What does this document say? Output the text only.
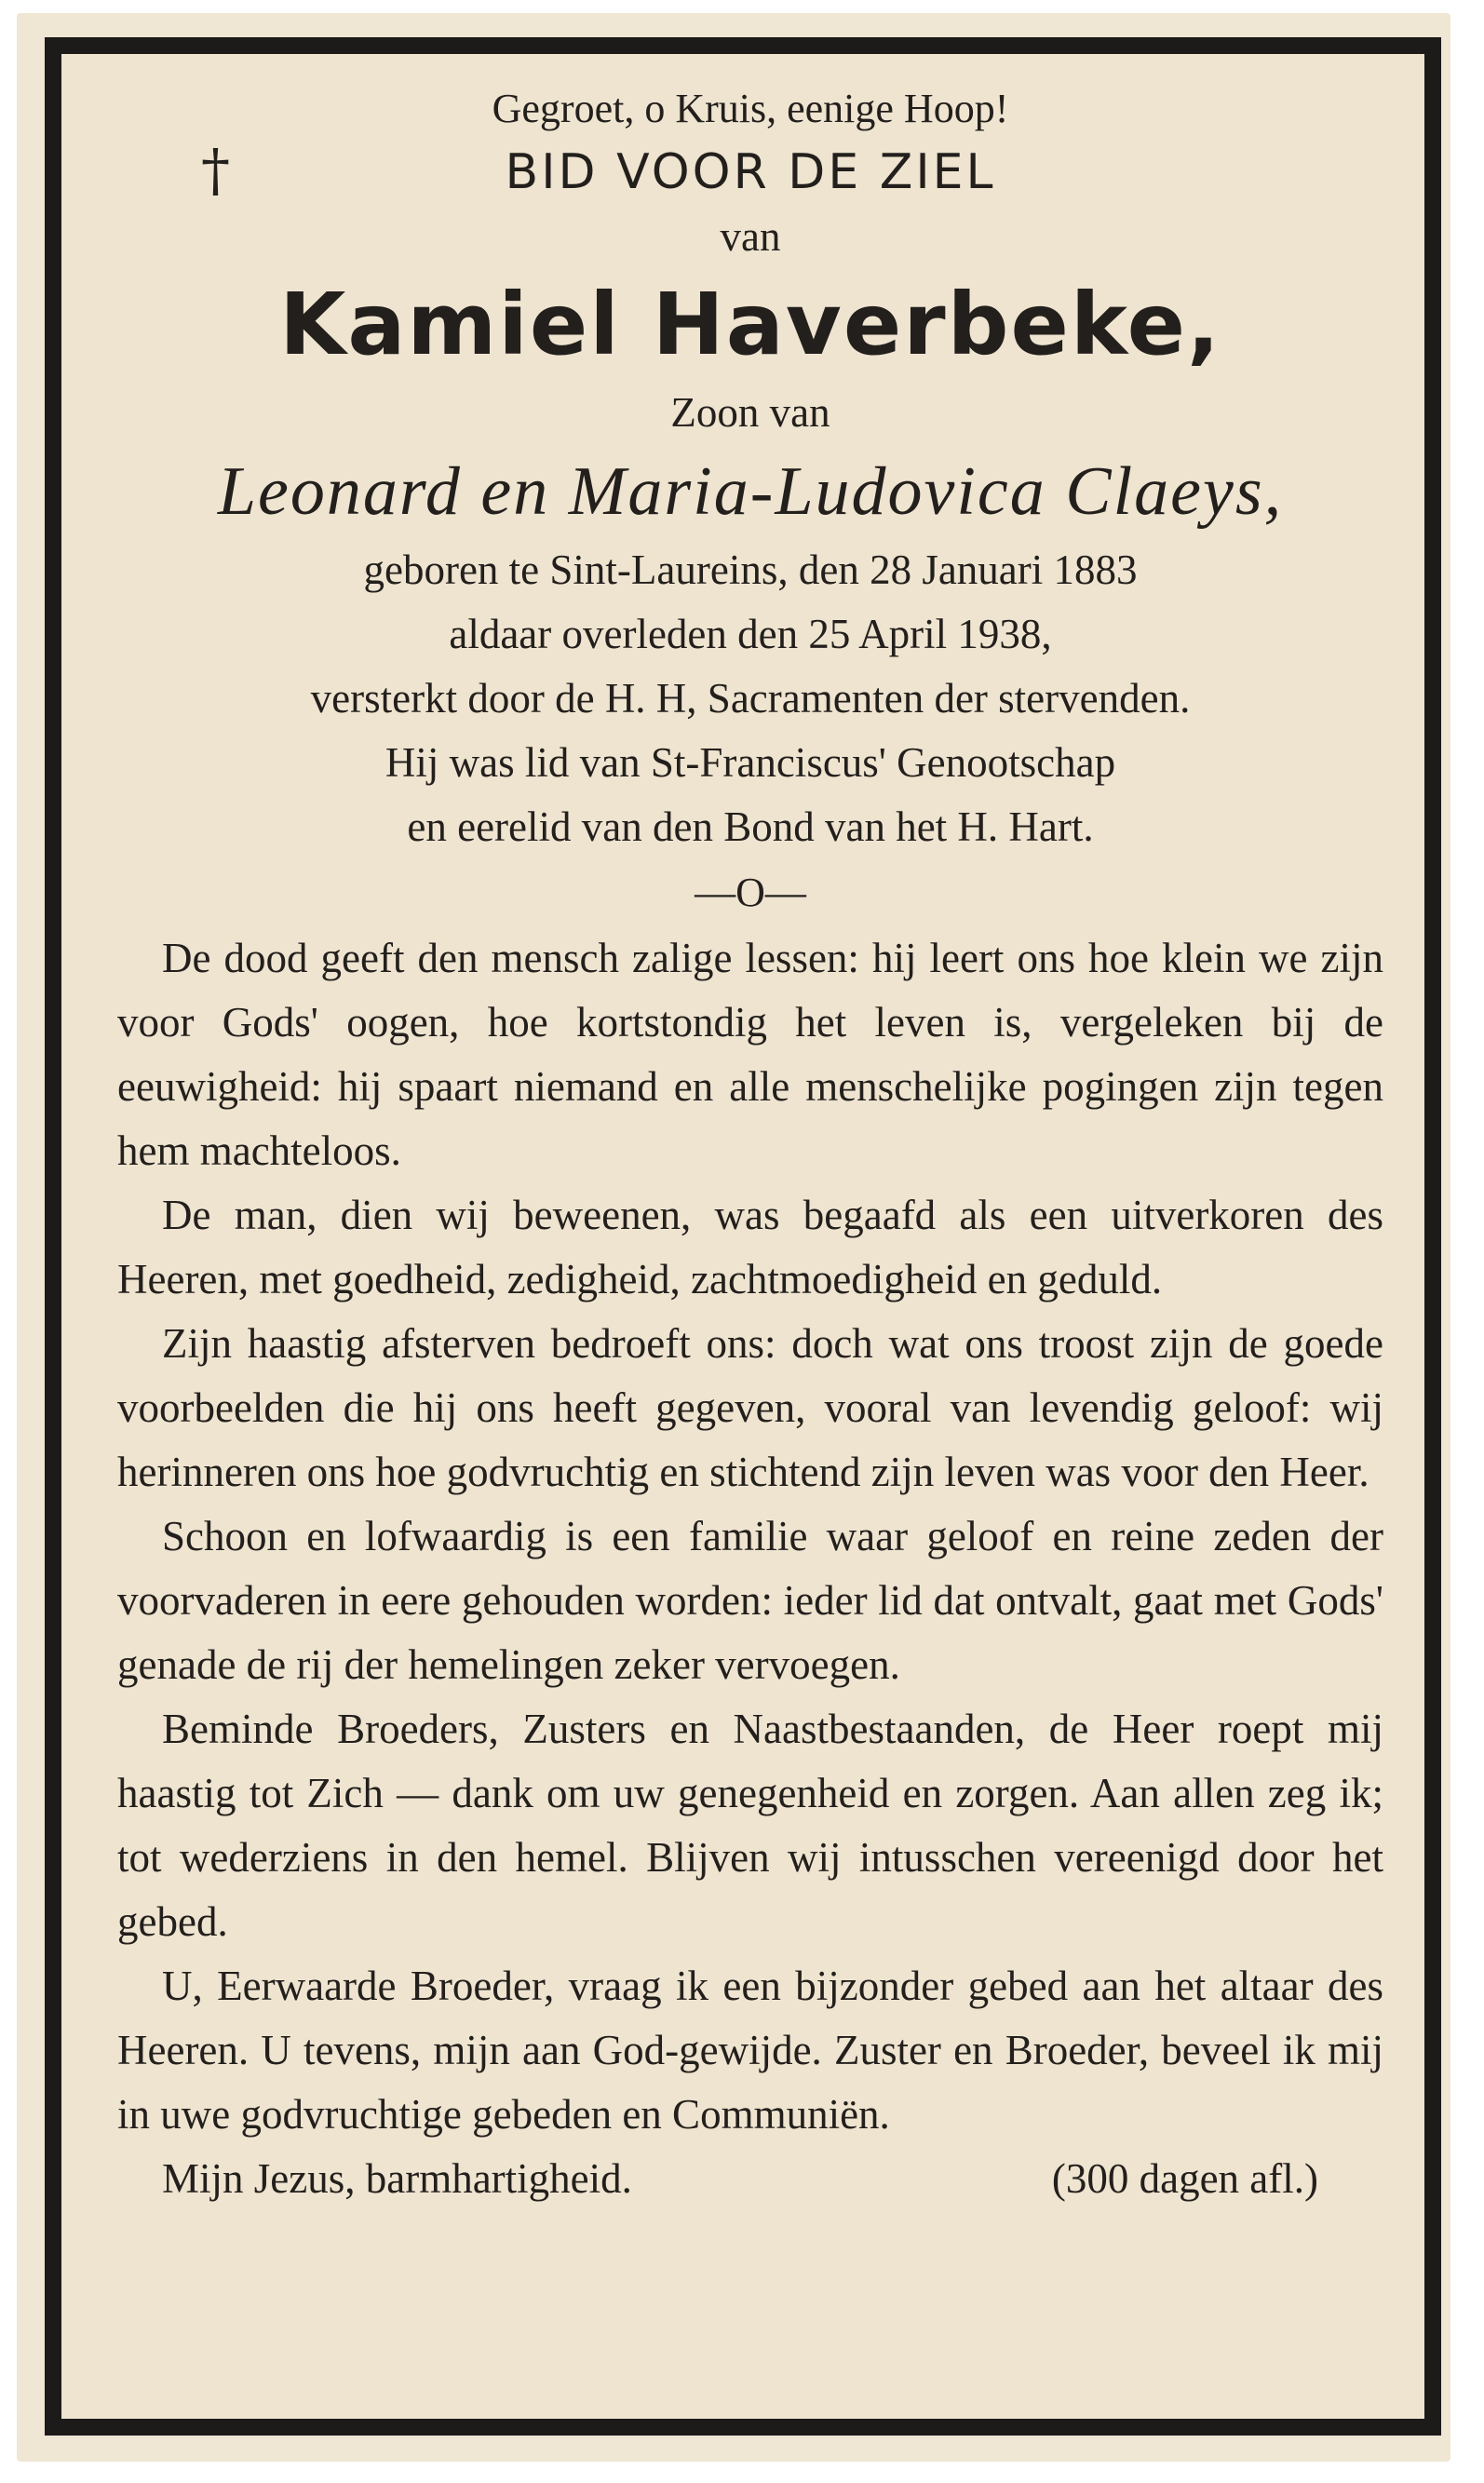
†
Gegroet, o Kruis, eenige Hoop!
BID VOOR DE ZIEL
van
Kamiel Haverbeke,
Zoon van
Leonard en Maria-Ludovica Claeys,
geboren te Sint-Laureins, den 28 Januari 1883
aldaar overleden den 25 April 1938,
versterkt door de H. H, Sacramenten der stervenden.
Hij was lid van St-Franciscus' Genootschap
en eerelid van den Bond van het H. Hart.
—O—

De dood geeft den mensch zalige lessen: hij leert ons hoe klein we zijn voor Gods' oogen, hoe kortstondig het leven is, vergeleken bij de eeuwigheid: hij spaart niemand en alle menschelijke pogingen zijn tegen hem machteloos.

De man, dien wij beweenen, was begaafd als een uitverkoren des Heeren, met goedheid, zedigheid, zachtmoedigheid en geduld.

Zijn haastig afsterven bedroeft ons: doch wat ons troost zijn de goede voorbeelden die hij ons heeft gegeven, vooral van levendig geloof: wij herinneren ons hoe godvruchtig en stichtend zijn leven was voor den Heer.

Schoon en lofwaardig is een familie waar geloof en reine zeden der voorvaderen in eere gehouden worden: ieder lid dat ontvalt, gaat met Gods' genade de rij der hemelingen zeker vervoegen.

Beminde Broeders, Zusters en Naastbestaanden, de Heer roept mij haastig tot Zich — dank om uw genegenheid en zorgen. Aan allen zeg ik; tot wederziens in den hemel. Blijven wij intusschen vereenigd door het gebed.

U, Eerwaarde Broeder, vraag ik een bijzonder gebed aan het altaar des Heeren. U tevens, mijn aan God-gewijde. Zuster en Broeder, beveel ik mij in uwe godvruchtige gebeden en Communiën.

Mijn Jezus, barmhartigheid.	(300 dagen afl.)
